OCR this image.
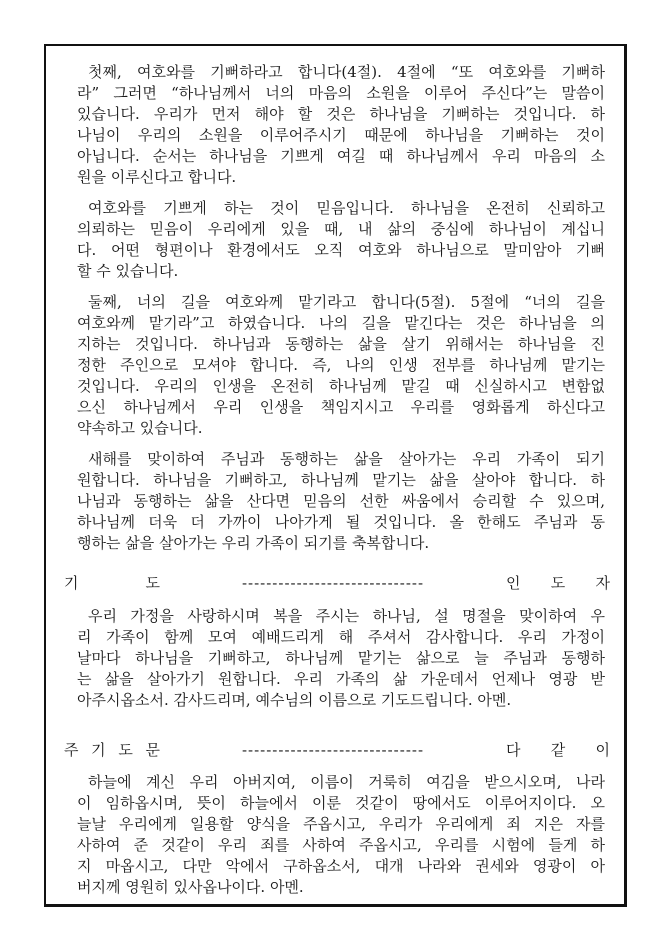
첫째, 여호와를 기뻐하라고 합니다(4절). 4절에 “또 여호와를 기뻐하
라” 그러면 “하나님께서 너의 마음의 소원을 이루어 주신다”는 말씀이
있습니다. 우리가 먼저 해야 할 것은 하나님을 기뻐하는 것입니다. 하
나님이 우리의 소원을 이루어주시기 때문에 하나님을 기뻐하는 것이
아닙니다. 순서는 하나님을 기쁘게 여길 때 하나님께서 우리 마음의 소
원을 이루신다고 합니다.
여호와를 기쁘게 하는 것이 믿음입니다. 하나님을 온전히 신뢰하고
의뢰하는 믿음이 우리에게 있을 때, 내 삶의 중심에 하나님이 계십니
다. 어떤 형편이나 환경에서도 오직 여호와 하나님으로 말미암아 기뻐
할 수 있습니다.
둘째, 너의 길을 여호와께 맡기라고 합니다(5절). 5절에 “너의 길을
여호와께 맡기라”고 하였습니다. 나의 길을 맡긴다는 것은 하나님을 의
지하는 것입니다. 하나님과 동행하는 삶을 살기 위해서는 하나님을 진
정한 주인으로 모셔야 합니다. 즉, 나의 인생 전부를 하나님께 맡기는
것입니다. 우리의 인생을 온전히 하나님께 맡길 때 신실하시고 변함없
으신 하나님께서 우리 인생을 책임지시고 우리를 영화롭게 하신다고
약속하고 있습니다.
새해를 맞이하여 주님과 동행하는 삶을 살아가는 우리 가족이 되기
원합니다. 하나님을 기뻐하고, 하나님께 맡기는 삶을 살아야 합니다. 하
나님과 동행하는 삶을 산다면 믿음의 선한 싸움에서 승리할 수 있으며,
하나님께 더욱 더 가까이 나아가게 될 것입니다. 올 한해도 주님과 동
행하는 삶을 살아가는 우리 가족이 되기를 축복합니다.
기	도	------------------------------	인 도 자
우리 가정을 사랑하시며 복을 주시는 하나님, 설 명절을 맞이하여 우
리 가족이 함께 모여 예배드리게 해 주셔서 감사합니다. 우리 가정이
날마다 하나님을 기뻐하고, 하나님께 맡기는 삶으로 늘 주님과 동행하
는 삶을 살아가기 원합니다. 우리 가족의 삶 가운데서 언제나 영광 받
아주시옵소서. 감사드리며, 예수님의 이름으로 기도드립니다. 아멘.
주 기 도 문	------------------------------	다 같 이
하늘에 계신 우리 아버지여, 이름이 거룩히 여김을 받으시오며, 나라
이 임하옵시며, 뜻이 하늘에서 이룬 것같이 땅에서도 이루어지이다. 오
늘날 우리에게 일용할 양식을 주옵시고, 우리가 우리에게 죄 지은 자를
사하여 준 것같이 우리 죄를 사하여 주옵시고, 우리를 시험에 들게 하
지 마옵시고, 다만 악에서 구하옵소서, 대개 나라와 권세와 영광이 아
버지께 영원히 있사옵나이다. 아멘.
